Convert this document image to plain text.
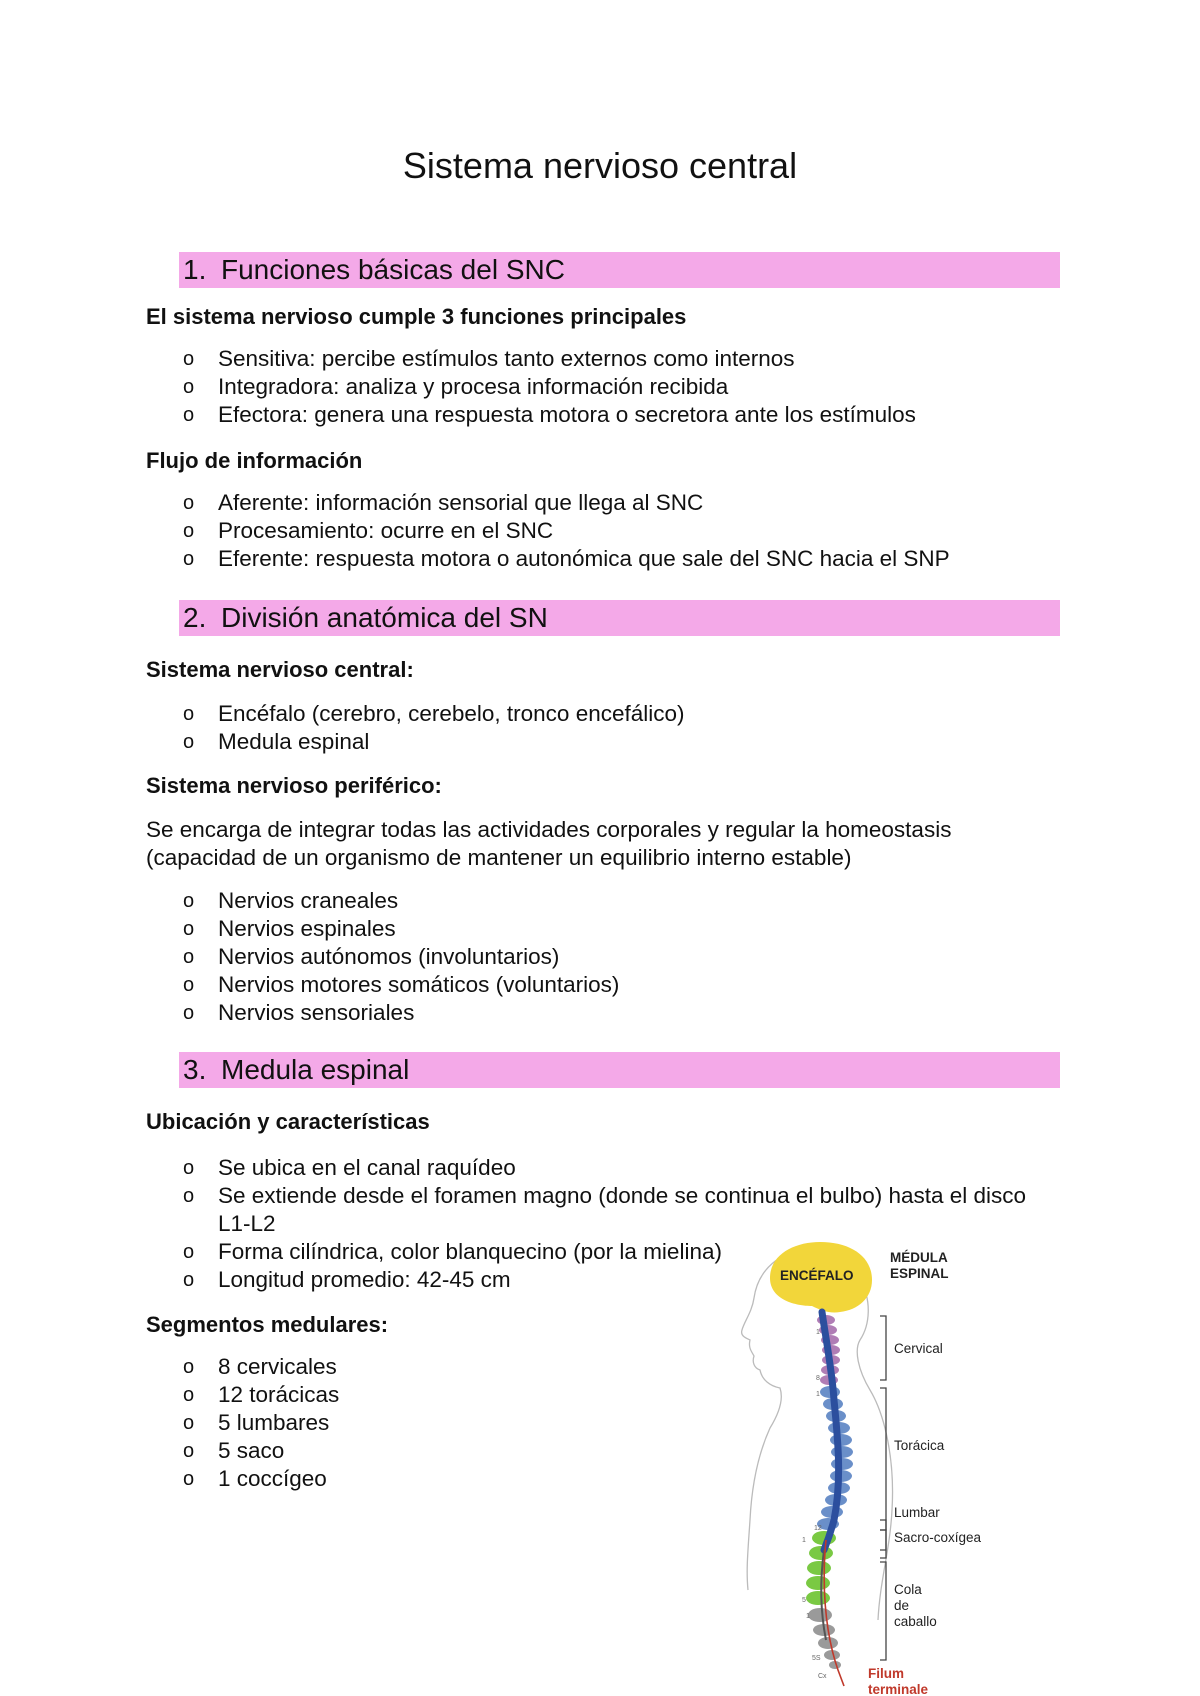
Sistema nervioso central
1. Funciones básicas del SNC

El sistema nervioso cumple 3 funciones principales

o Sensitiva: percibe estímulos tanto externos como internos
o Integradora: analiza y procesa información recibida
o Efectora: genera una respuesta motora o secretora ante los estímulos

Flujo de información

o Aferente: información sensorial que llega al SNC
o Procesamiento: ocurre en el SNC
o Eferente: respuesta motora o autonómica que sale del SNC hacia el SNP
2. División anatómica del SN

Sistema nervioso central:

o Encéfalo (cerebro, cerebelo, tronco encefálico)
o Medula espinal

Sistema nervioso periférico:

Se encarga de integrar todas las actividades corporales y regular la homeostasis (capacidad de un organismo de mantener un equilibrio interno estable)

o Nervios craneales
o Nervios espinales
o Nervios autónomos (involuntarios)
o Nervios motores somáticos (voluntarios)
o Nervios sensoriales
3. Medula espinal

Ubicación y características

o Se ubica en el canal raquídeo
o Se extiende desde el foramen magno (donde se continua el bulbo) hasta el disco L1-L2
o Forma cilíndrica, color blanquecino (por la mielina)
o Longitud promedio: 42-45 cm

Segmentos medulares:

o 8 cervicales
o 12 torácicas
o 5 lumbares
o 5 saco
o 1 coccígeo
ENCÉFALO
1
8
1
12
1
5
1
5S
Cx
MÉDULA
ESPINAL
Cervical
Torácica
Lumbar
Sacro-coxígea
Cola
de
caballo
Filum
terminale
